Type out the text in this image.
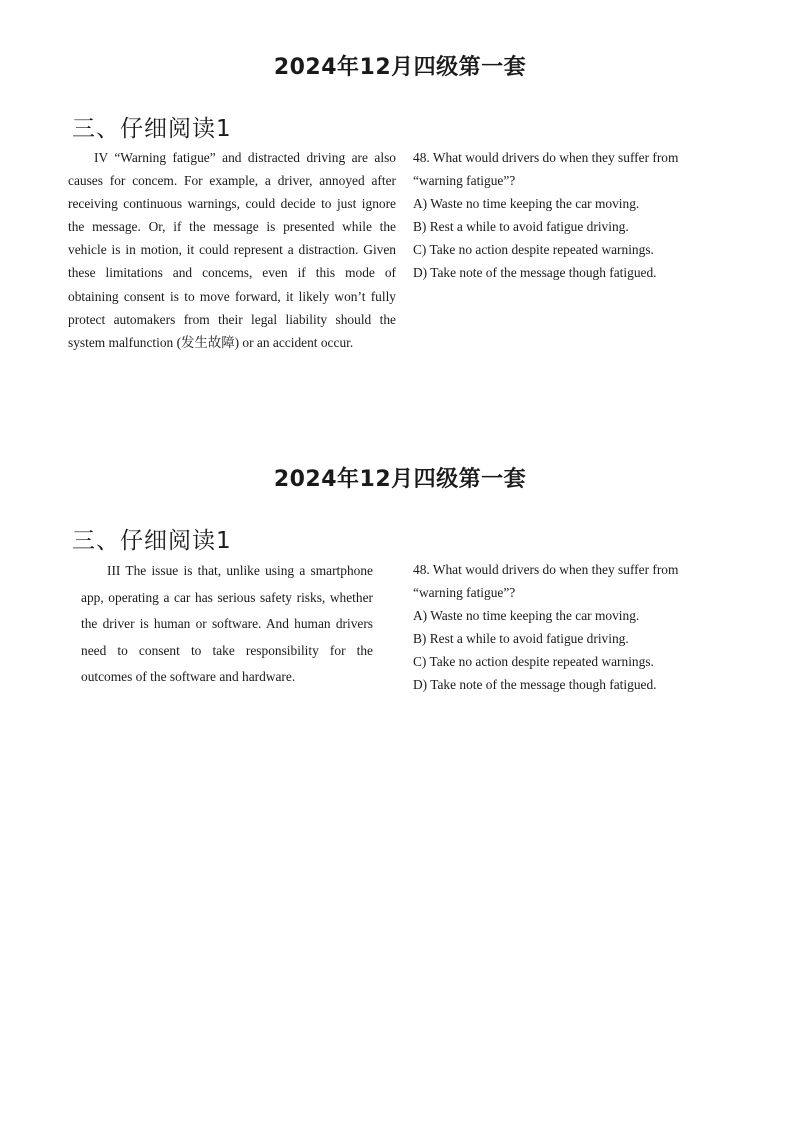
2024年12月四级第一套
三、仔细阅读1

IV “Warning fatigue” and distracted driving are also causes for concem. For example, a driver, annoyed after receiving continuous warnings, could decide to just ignore the message. Or, if the message is presented while the vehicle is in motion, it could represent a distraction. Given these limitations and concems, even if this mode of obtaining consent is to move forward, it likely won’t fully protect automakers from their legal liability should the system malfunction (发生故障) or an accident occur.

48. What would drivers do when they suffer from “warning fatigue”?

A) Waste no time keeping the car moving.
B) Rest a while to avoid fatigue driving.
C) Take no action despite repeated warnings.
D) Take note of the message though fatigued.
2024年12月四级第一套
三、仔细阅读1

III The issue is that, unlike using a smartphone app, operating a car has serious safety risks, whether the driver is human or software. And human drivers need to consent to take responsibility for the outcomes of the software and hardware.

48. What would drivers do when they suffer from “warning fatigue”?

A) Waste no time keeping the car moving.
B) Rest a while to avoid fatigue driving.
C) Take no action despite repeated warnings.
D) Take note of the message though fatigued.
